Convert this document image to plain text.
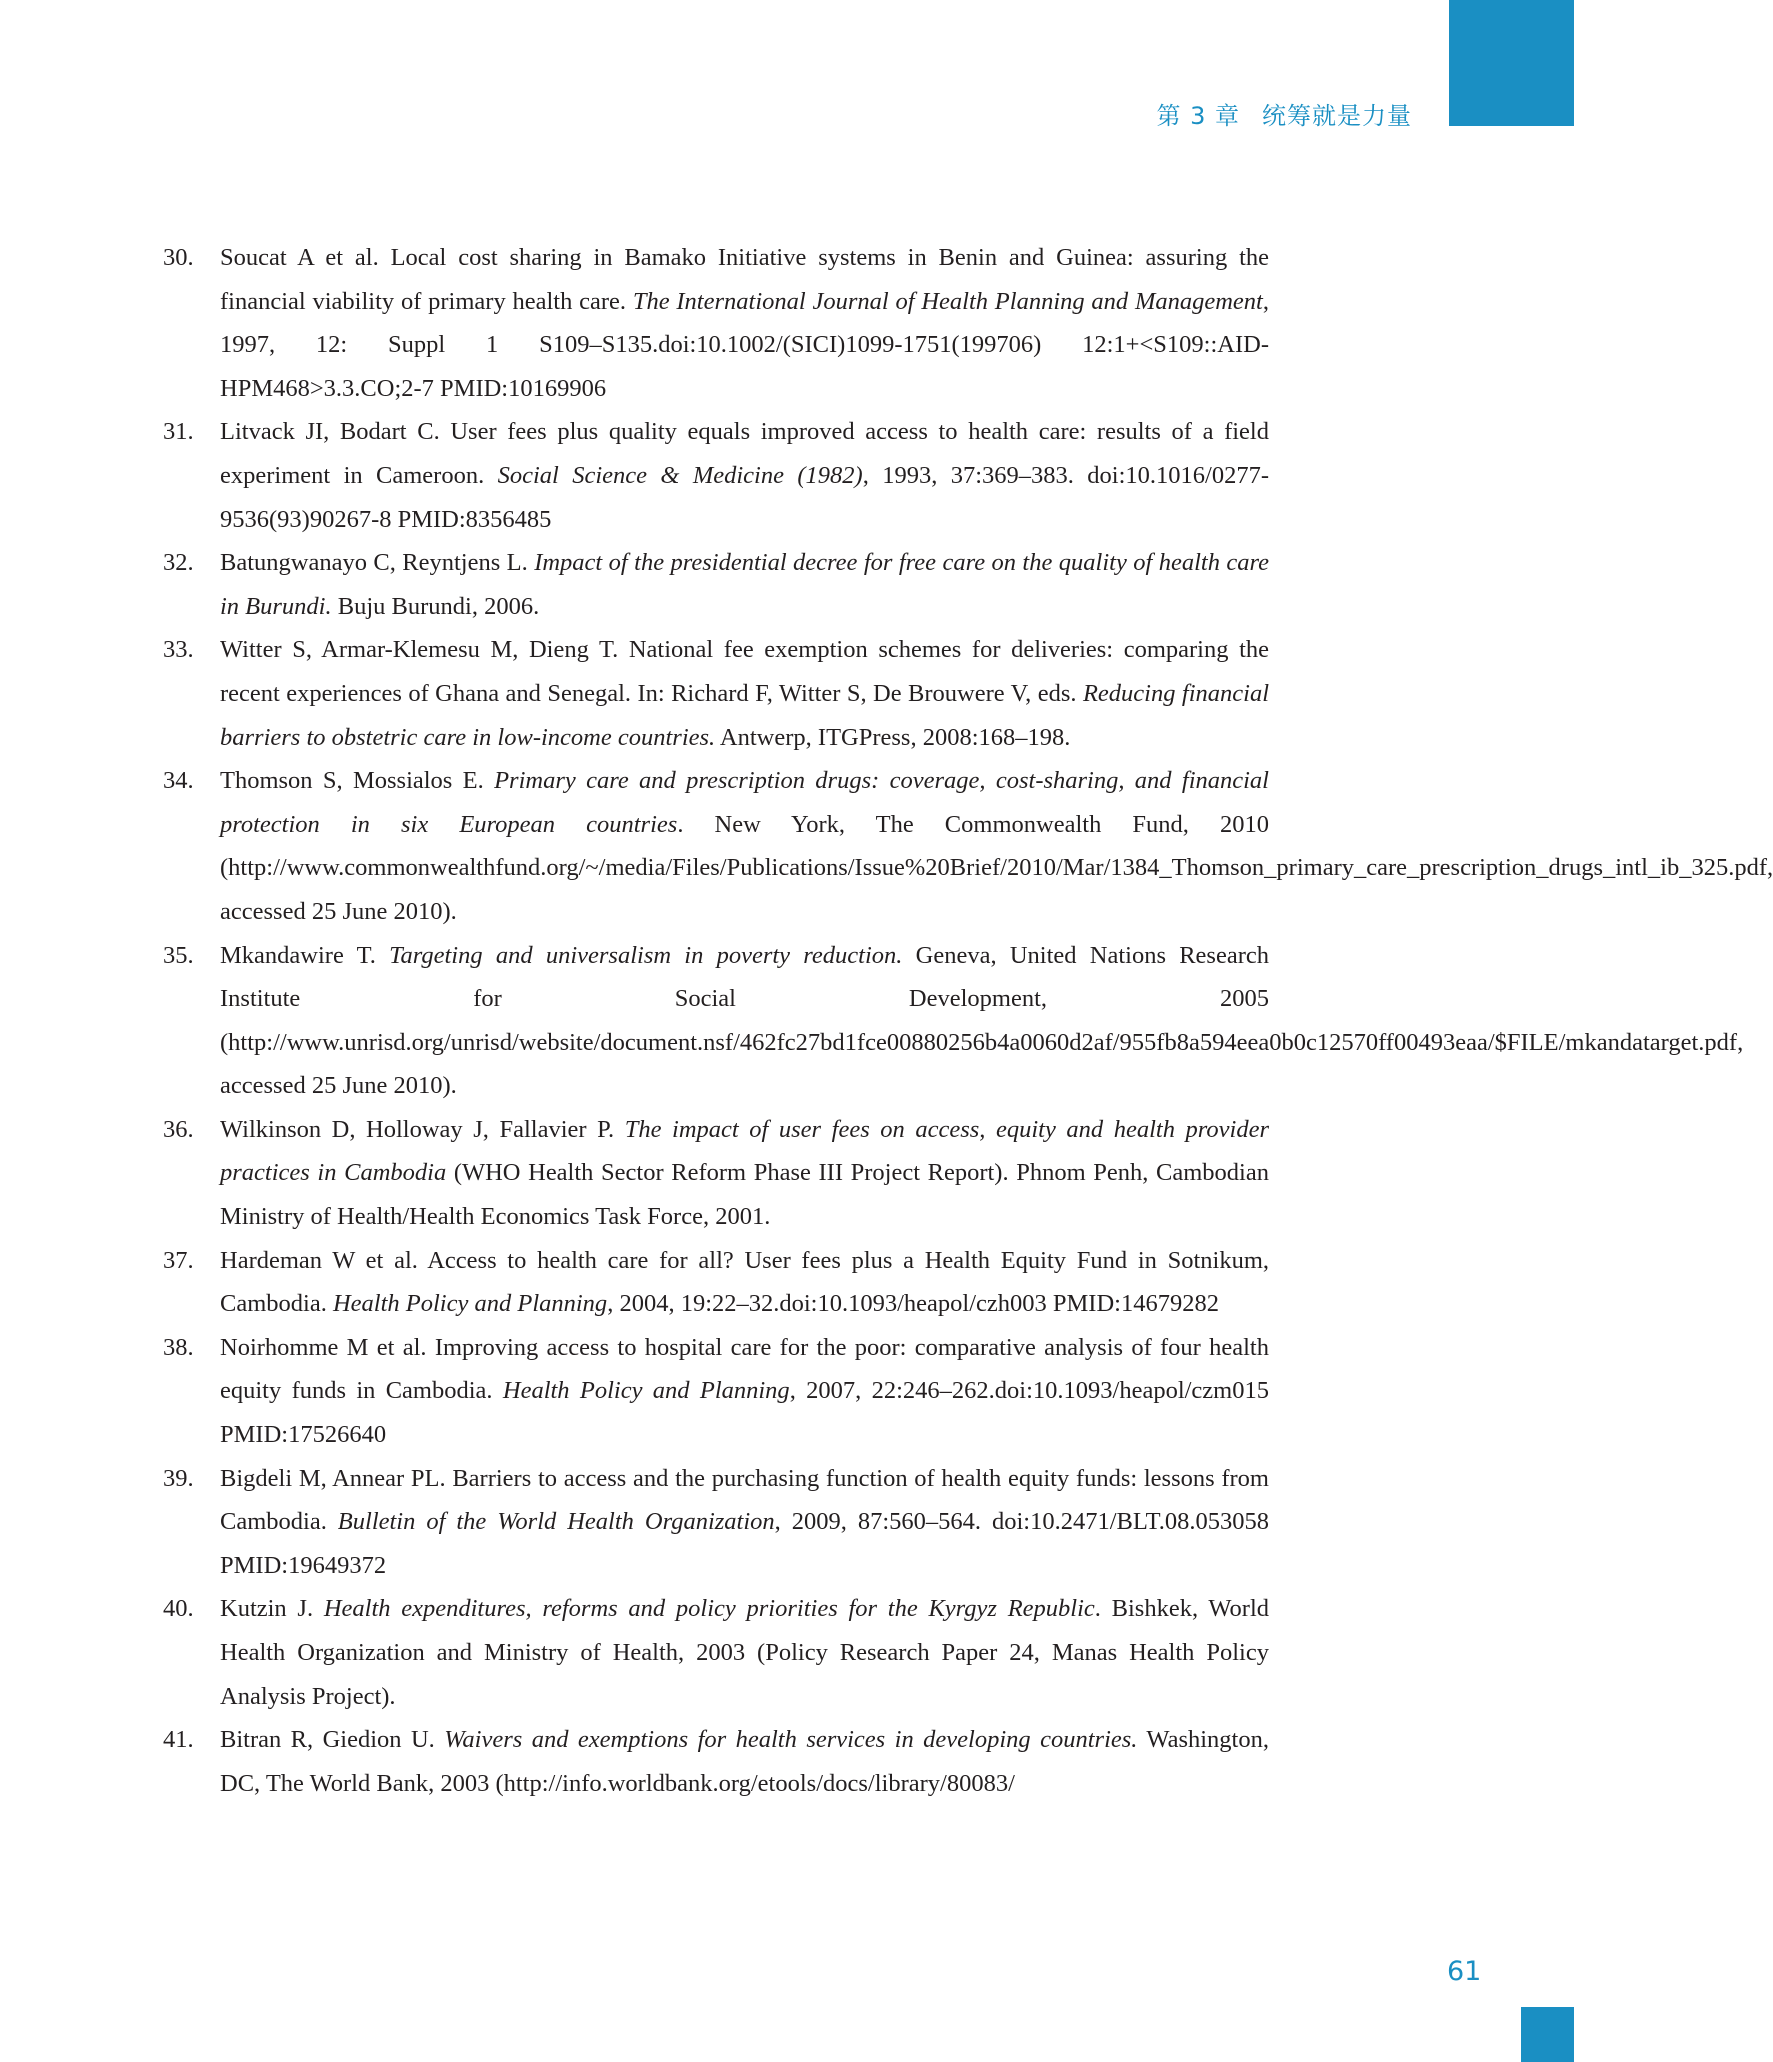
第 3 章 统筹就是力量
30. Soucat A et al. Local cost sharing in Bamako Initiative systems in Benin and Guinea: assuring the financial viability of primary health care. The International Journal of Health Planning and Management, 1997, 12: Suppl 1 S109–S135.doi:10.1002/(SICI)1099-1751(199706) 12:1+<S109::AID-HPM468>3.3.CO;2-7 PMID:10169906
31. Litvack JI, Bodart C. User fees plus quality equals improved access to health care: results of a field experiment in Cameroon. Social Science & Medicine (1982), 1993, 37:369–383. doi:10.1016/0277-9536(93)90267-8 PMID:8356485
32. Batungwanayo C, Reyntjens L. Impact of the presidential decree for free care on the quality of health care in Burundi. Buju Burundi, 2006.
33. Witter S, Armar-Klemesu M, Dieng T. National fee exemption schemes for deliveries: comparing the recent experiences of Ghana and Senegal. In: Richard F, Witter S, De Brouwere V, eds. Reducing financial barriers to obstetric care in low-income countries. Antwerp, ITGPress, 2008:168–198.
34. Thomson S, Mossialos E. Primary care and prescription drugs: coverage, cost-sharing, and financial protection in six European countries. New York, The Commonwealth Fund, 2010 (http://www.commonwealthfund.org/~/media/Files/Publications/Issue%20Brief/2010/Mar/1384_Thomson_primary_care_prescription_drugs_intl_ib_325.pdf, accessed 25 June 2010).
35. Mkandawire T. Targeting and universalism in poverty reduction. Geneva, United Nations Research Institute for Social Development, 2005 (http://www.unrisd.org/unrisd/website/document.nsf/462fc27bd1fce00880256b4a0060d2af/955fb8a594eea0b0c12570ff00493eaa/$FILE/mkandatarget.pdf, accessed 25 June 2010).
36. Wilkinson D, Holloway J, Fallavier P. The impact of user fees on access, equity and health provider practices in Cambodia (WHO Health Sector Reform Phase III Project Report). Phnom Penh, Cambodian Ministry of Health/Health Economics Task Force, 2001.
37. Hardeman W et al. Access to health care for all? User fees plus a Health Equity Fund in Sotnikum, Cambodia. Health Policy and Planning, 2004, 19:22–32.doi:10.1093/heapol/czh003 PMID:14679282
38. Noirhomme M et al. Improving access to hospital care for the poor: comparative analysis of four health equity funds in Cambodia. Health Policy and Planning, 2007, 22:246–262.doi:10.1093/heapol/czm015 PMID:17526640
39. Bigdeli M, Annear PL. Barriers to access and the purchasing function of health equity funds: lessons from Cambodia. Bulletin of the World Health Organization, 2009, 87:560–564. doi:10.2471/BLT.08.053058 PMID:19649372
40. Kutzin J. Health expenditures, reforms and policy priorities for the Kyrgyz Republic. Bishkek, World Health Organization and Ministry of Health, 2003 (Policy Research Paper 24, Manas Health Policy Analysis Project).
41. Bitran R, Giedion U. Waivers and exemptions for health services in developing countries. Washington, DC, The World Bank, 2003 (http://info.worldbank.org/etools/docs/library/80083/
61
